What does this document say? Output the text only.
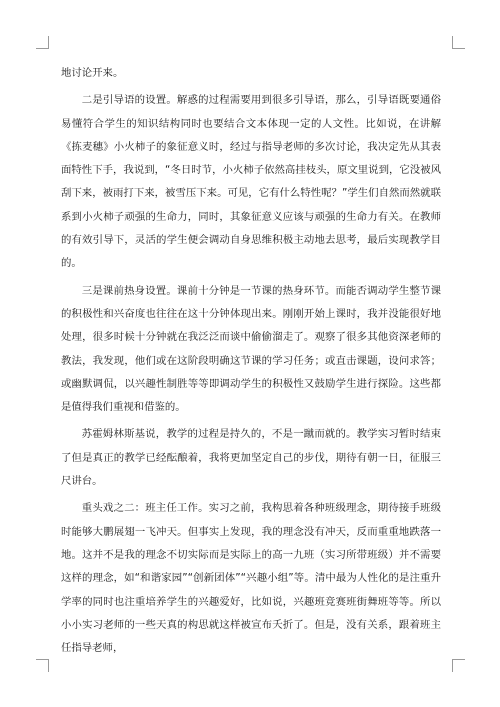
地讨论开来。

二是引导语的设置。解惑的过程需要用到很多引导语，那么，引导语既要通俗易懂符合学生的知识结构同时也要结合文本体现一定的人文性。比如说，在讲解《拣麦穗》小火柿子的象征意义时，经过与指导老师的多次讨论，我决定先从其表面特性下手，我说到，“冬日时节，小火柿子依然高挂枝头，原文里说到，它没被风刮下来，被雨打下来，被雪压下来。可见，它有什么特性呢？”学生们自然而然就联系到小火柿子顽强的生命力，同时，其象征意义应该与顽强的生命力有关。在教师的有效引导下，灵活的学生便会调动自身思维积极主动地去思考，最后实现教学目的。

三是课前热身设置。课前十分钟是一节课的热身环节。而能否调动学生整节课的积极性和兴奋度也往往在这十分钟体现出来。刚刚开始上课时，我并没能很好地处理，很多时候十分钟就在我泛泛而谈中偷偷溜走了。观察了很多其他资深老师的教法，我发现，他们或在这阶段明确这节课的学习任务；或直击课题，设问求答；或幽默调侃，以兴趣性制胜等等即调动学生的积极性又鼓励学生进行探险。这些都是值得我们重视和借鉴的。

苏霍姆林斯基说，教学的过程是持久的，不是一蹴而就的。教学实习暂时结束了但是真正的教学已经酝酿着，我将更加坚定自己的步伐，期待有朝一日，征服三尺讲台。

重头戏之二：班主任工作。实习之前，我构思着各种班级理念，期待接手班级时能够大鹏展翅一飞冲天。但事实上发现，我的理念没有冲天，反而重重地跌落一地。这并不是我的理念不切实际而是实际上的高一九班（实习所带班级）并不需要这样的理念，如“和谐家园”“创新团体”“兴趣小组”等。清中最为人性化的是注重升学率的同时也注重培养学生的兴趣爱好，比如说，兴趣班竞赛班街舞班等等。所以小小实习老师的一些天真的构思就这样被宣布夭折了。但是，没有关系，跟着班主任指导老师，
